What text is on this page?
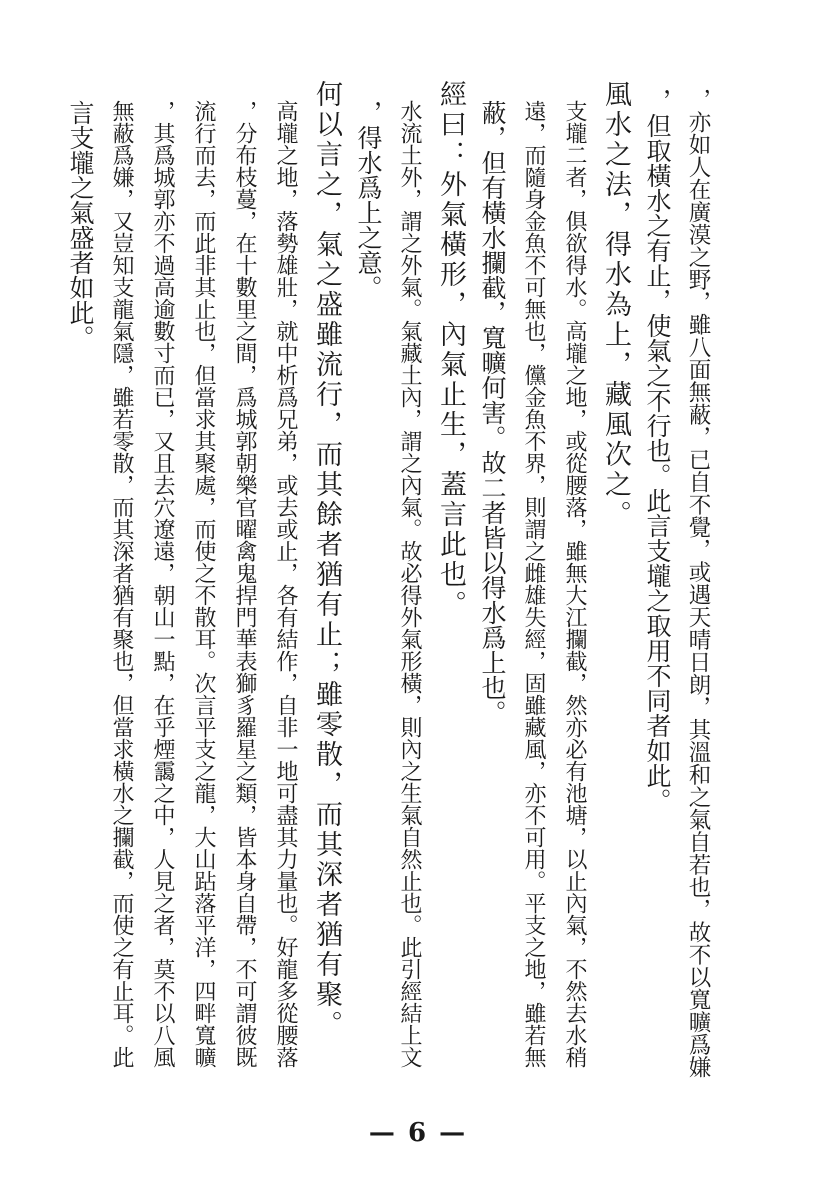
，亦如人在廣漠之野，雖八面無蔽，已自不覺，或遇天晴日朗，其溫和之氣自若也，故不以寬曠爲嫌
，但取橫水之有止，使氣之不行也。此言支壠之取用不同者如此。
風水之法，得水為上，藏風次之。
支壠二者，俱欲得水。高壠之地，或從腰落，雖無大江攔截，然亦必有池塘，以止內氣，不然去水稍
遠，而隨身金魚不可無也，儻金魚不界，則謂之雌雄失經，固雖藏風，亦不可用。平支之地，雖若無
蔽，但有橫水攔截，寬曠何害。故二者皆以得水爲上也。
經曰：外氣橫形，內氣止生，蓋言此也。
水流土外，謂之外氣。氣藏土內，謂之內氣。故必得外氣形橫，則內之生氣自然止也。此引經結上文
，得水爲上之意。
何以言之，氣之盛雖流行，而其餘者猶有止；雖零散，而其深者猶有聚。
高壠之地，落勢雄壯，就中析爲兄弟，或去或止，各有結作，自非一地可盡其力量也。好龍多從腰落
，分布枝蔓，在十數里之間，爲城郭朝樂官曜禽鬼捍門華表獅豸羅星之類，皆本身自帶，不可謂彼既
流行而去，而此非其止也，但當求其聚處，而使之不散耳。次言平支之龍，大山跕落平洋，四畔寬曠
，其爲城郭亦不過高逾數寸而已，又且去穴遼遠，朝山一點，在乎煙靄之中，人見之者，莫不以八風
無蔽爲嫌，又豈知支龍氣隱，雖若零散，而其深者猶有聚也，但當求橫水之攔截，而使之有止耳。此
言支壠之氣盛者如此。
— 6 —
